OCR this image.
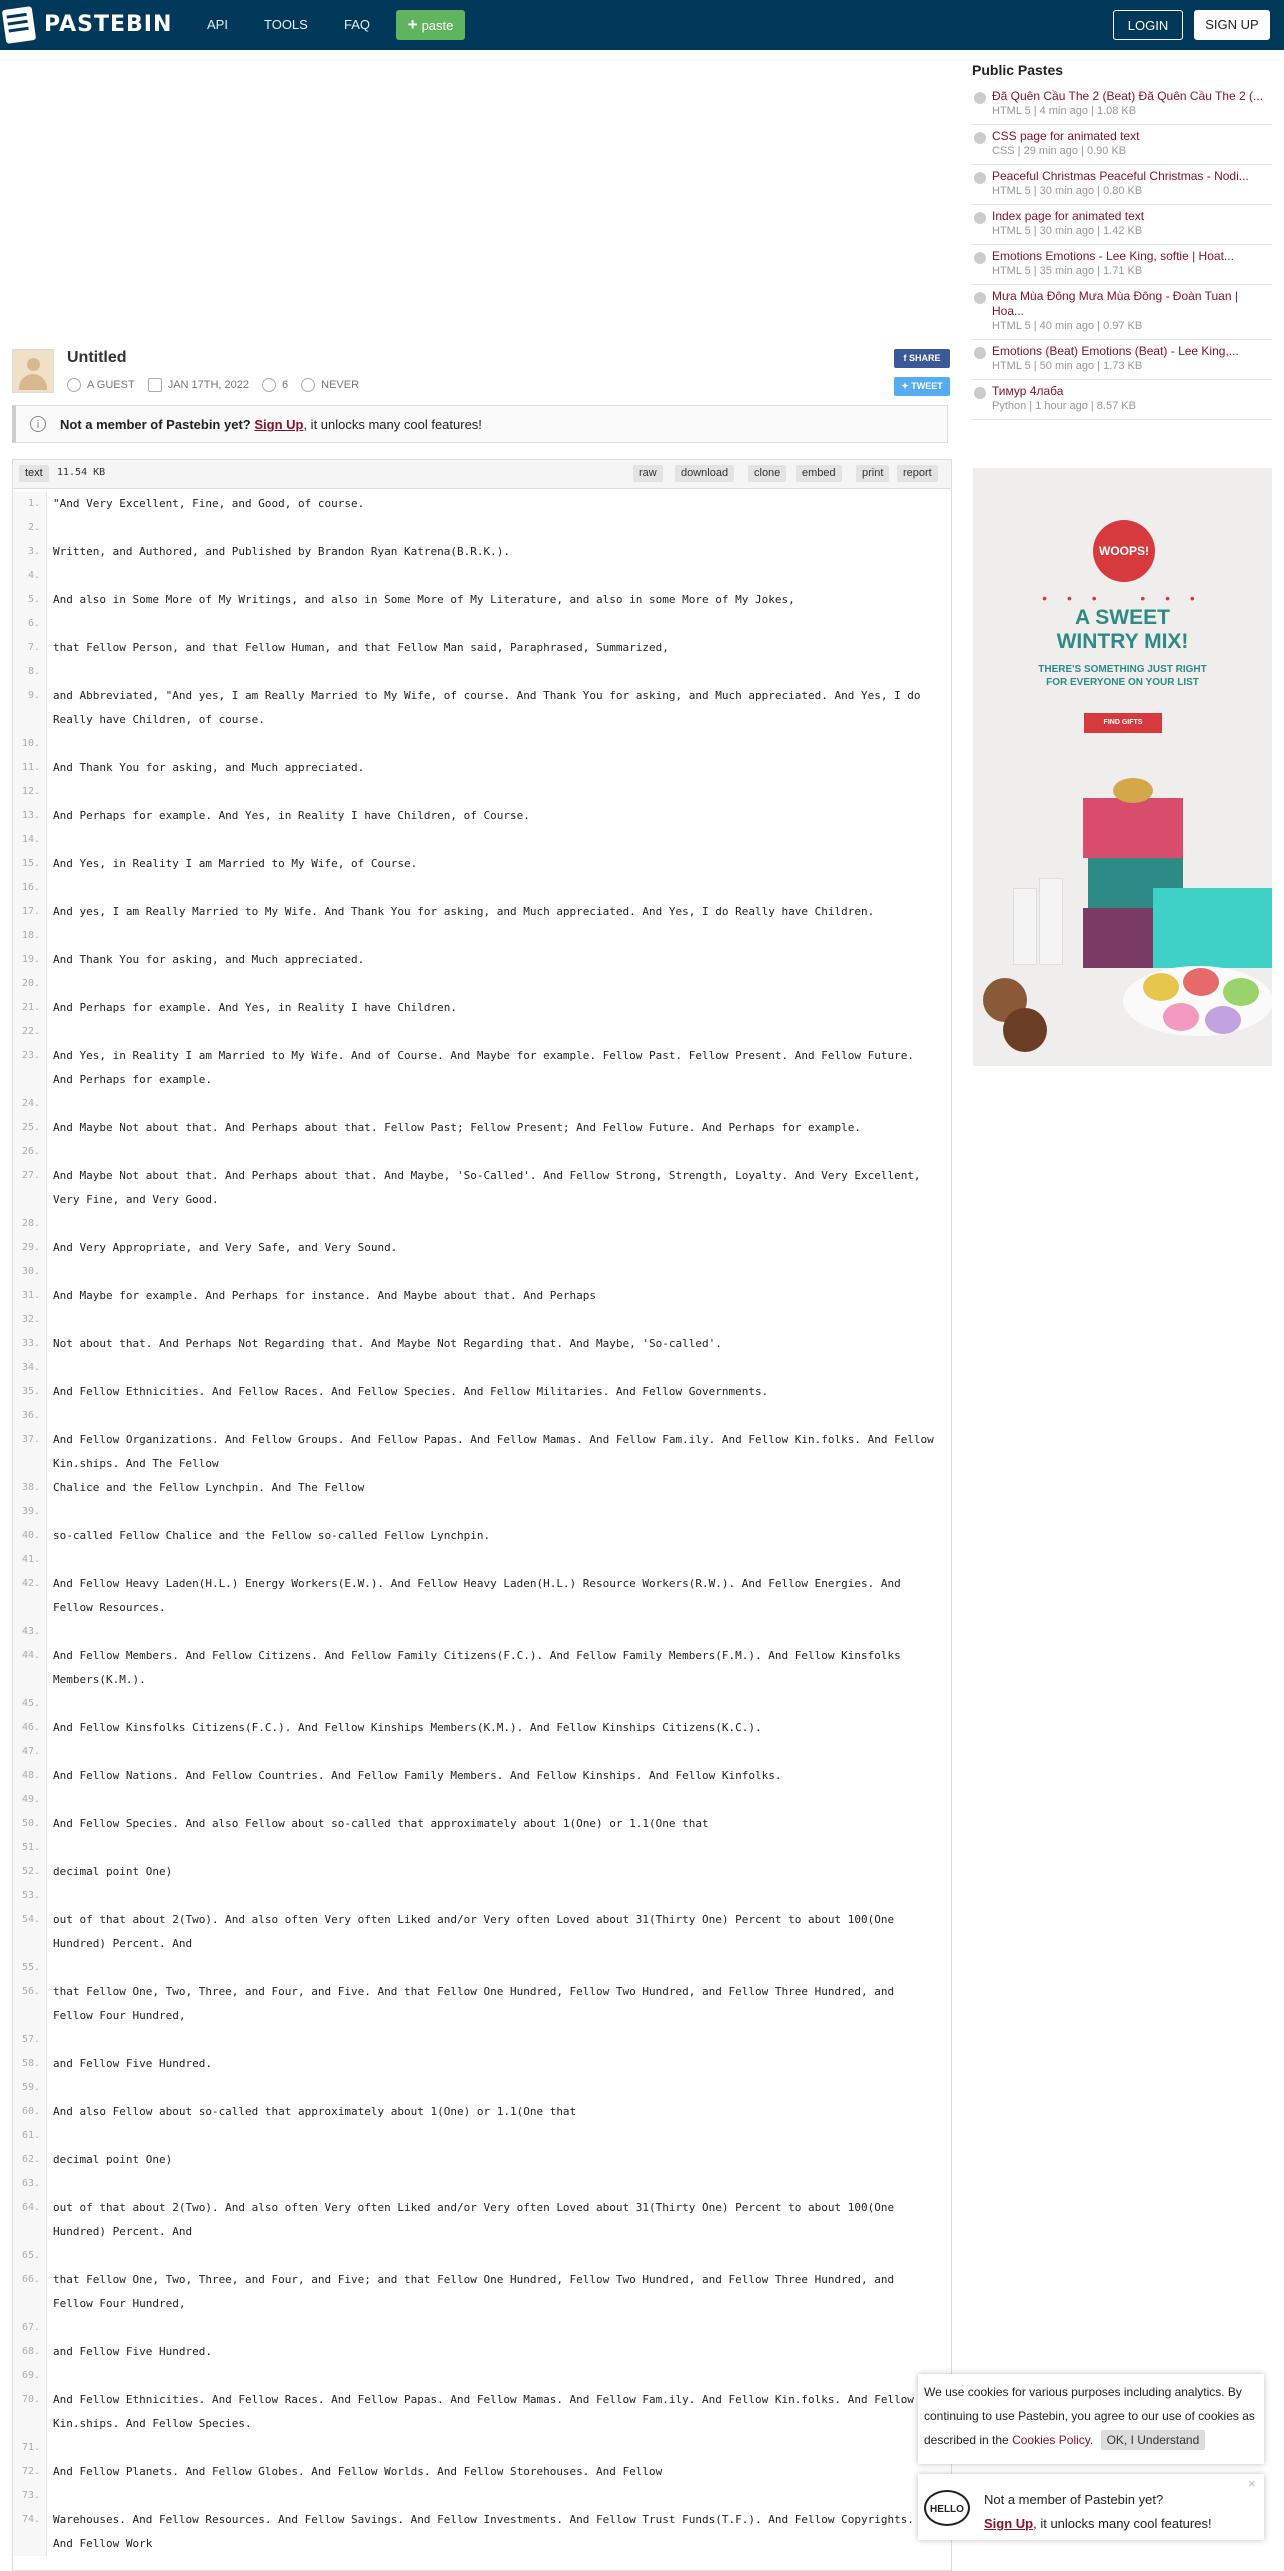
PASTEBIN	API	TOOLS	FAQ	+ paste	LOGIN	SIGN UP
Untitled
A GUEST	JAN 17TH, 2022	6	NEVER
f SHARE
✦ TWEET
i	Not a member of Pastebin yet? Sign Up, it unlocks many cool features!
text	11.54 KB	raw	download	clone	embed	print	report
1.	"And Very Excellent, Fine, and Good, of course.
2.
3.	Written, and Authored, and Published by Brandon Ryan Katrena(B.R.K.).
4.
5.	And also in Some More of My Writings, and also in Some More of My Literature, and also in some More of My Jokes,
6.
7.	that Fellow Person, and that Fellow Human, and that Fellow Man said, Paraphrased, Summarized,
8.
9.	and Abbreviated, "And yes, I am Really Married to My Wife, of course. And Thank You for asking, and Much appreciated. And Yes, I do Really have Children, of course.
10.
11.	And Thank You for asking, and Much appreciated.
12.
13.	And Perhaps for example. And Yes, in Reality I have Children, of Course.
14.
15.	And Yes, in Reality I am Married to My Wife, of Course.
16.
17.	And yes, I am Really Married to My Wife. And Thank You for asking, and Much appreciated. And Yes, I do Really have Children.
18.
19.	And Thank You for asking, and Much appreciated.
20.
21.	And Perhaps for example. And Yes, in Reality I have Children.
22.
23.	And Yes, in Reality I am Married to My Wife. And of Course. And Maybe for example. Fellow Past. Fellow Present. And Fellow Future. And Perhaps for example.
24.
25.	And Maybe Not about that. And Perhaps about that. Fellow Past; Fellow Present; And Fellow Future. And Perhaps for example.
26.
27.	And Maybe Not about that. And Perhaps about that. And Maybe, 'So-Called'. And Fellow Strong, Strength, Loyalty. And Very Excellent, Very Fine, and Very Good.
28.
29.	And Very Appropriate, and Very Safe, and Very Sound.
30.
31.	And Maybe for example. And Perhaps for instance. And Maybe about that. And Perhaps
32.
33.	Not about that. And Perhaps Not Regarding that. And Maybe Not Regarding that. And Maybe, 'So-called'.
34.
35.	And Fellow Ethnicities. And Fellow Races. And Fellow Species. And Fellow Militaries. And Fellow Governments.
36.
37.	And Fellow Organizations. And Fellow Groups. And Fellow Papas. And Fellow Mamas. And Fellow Fam.ily. And Fellow Kin.folks. And Fellow Kin.ships. And The Fellow
38.	Chalice and the Fellow Lynchpin. And The Fellow
39.
40.	so-called Fellow Chalice and the Fellow so-called Fellow Lynchpin.
41.
42.	And Fellow Heavy Laden(H.L.) Energy Workers(E.W.). And Fellow Heavy Laden(H.L.) Resource Workers(R.W.). And Fellow Energies. And Fellow Resources.
43.
44.	And Fellow Members. And Fellow Citizens. And Fellow Family Citizens(F.C.). And Fellow Family Members(F.M.). And Fellow Kinsfolks Members(K.M.).
45.
46.	And Fellow Kinsfolks Citizens(F.C.). And Fellow Kinships Members(K.M.). And Fellow Kinships Citizens(K.C.).
47.
48.	And Fellow Nations. And Fellow Countries. And Fellow Family Members. And Fellow Kinships. And Fellow Kinfolks.
49.
50.	And Fellow Species. And also Fellow about so-called that approximately about 1(One) or 1.1(One that
51.
52.	decimal point One)
53.
54.	out of that about 2(Two). And also often Very often Liked and/or Very often Loved about 31(Thirty One) Percent to about 100(One Hundred) Percent. And
55.
56.	that Fellow One, Two, Three, and Four, and Five. And that Fellow One Hundred, Fellow Two Hundred, and Fellow Three Hundred, and Fellow Four Hundred,
57.
58.	and Fellow Five Hundred.
59.
60.	And also Fellow about so-called that approximately about 1(One) or 1.1(One that
61.
62.	decimal point One)
63.
64.	out of that about 2(Two). And also often Very often Liked and/or Very often Loved about 31(Thirty One) Percent to about 100(One Hundred) Percent. And
65.
66.	that Fellow One, Two, Three, and Four, and Five; and that Fellow One Hundred, Fellow Two Hundred, and Fellow Three Hundred, and Fellow Four Hundred,
67.
68.	and Fellow Five Hundred.
69.
70.	And Fellow Ethnicities. And Fellow Races. And Fellow Papas. And Fellow Mamas. And Fellow Fam.ily. And Fellow Kin.folks. And Fellow Kin.ships. And Fellow Species.
71.
72.	And Fellow Planets. And Fellow Globes. And Fellow Worlds. And Fellow Storehouses. And Fellow
73.
74.	Warehouses. And Fellow Resources. And Fellow Savings. And Fellow Investments. And Fellow Trust Funds(T.F.). And Fellow Copyrights. And Fellow Work
Public Pastes
Đã Quên Cầu The 2 (Beat) Đã Quên Cầu The 2 (...
HTML 5 | 4 min ago | 1.08 KB
CSS page for animated text
CSS | 29 min ago | 0.90 KB
Peaceful Christmas Peaceful Christmas - Nodi...
HTML 5 | 30 min ago | 0.80 KB
Index page for animated text
HTML 5 | 30 min ago | 1.42 KB
Emotions Emotions - Lee King, softie | Hoat...
HTML 5 | 35 min ago | 1.71 KB
Mưa Mùa Đông Mưa Mùa Đông - Đoàn Tuan | Hoa...
HTML 5 | 40 min ago | 0.97 KB
Emotions (Beat) Emotions (Beat) - Lee King,...
HTML 5 | 50 min ago | 1.73 KB
Тимур 4лаба
Python | 1 hour ago | 8.57 KB
WOOPS!
• • •   • • •
A SWEET
WINTRY MIX!
THERE'S SOMETHING JUST RIGHT
FOR EVERYONE ON YOUR LIST
FIND GIFTS
We use cookies for various purposes including analytics. By continuing to use Pastebin, you agree to our use of cookies as described in the Cookies Policy. OK, I Understand
HELLO
Not a member of Pastebin yet?
Sign Up, it unlocks many cool features!
×
